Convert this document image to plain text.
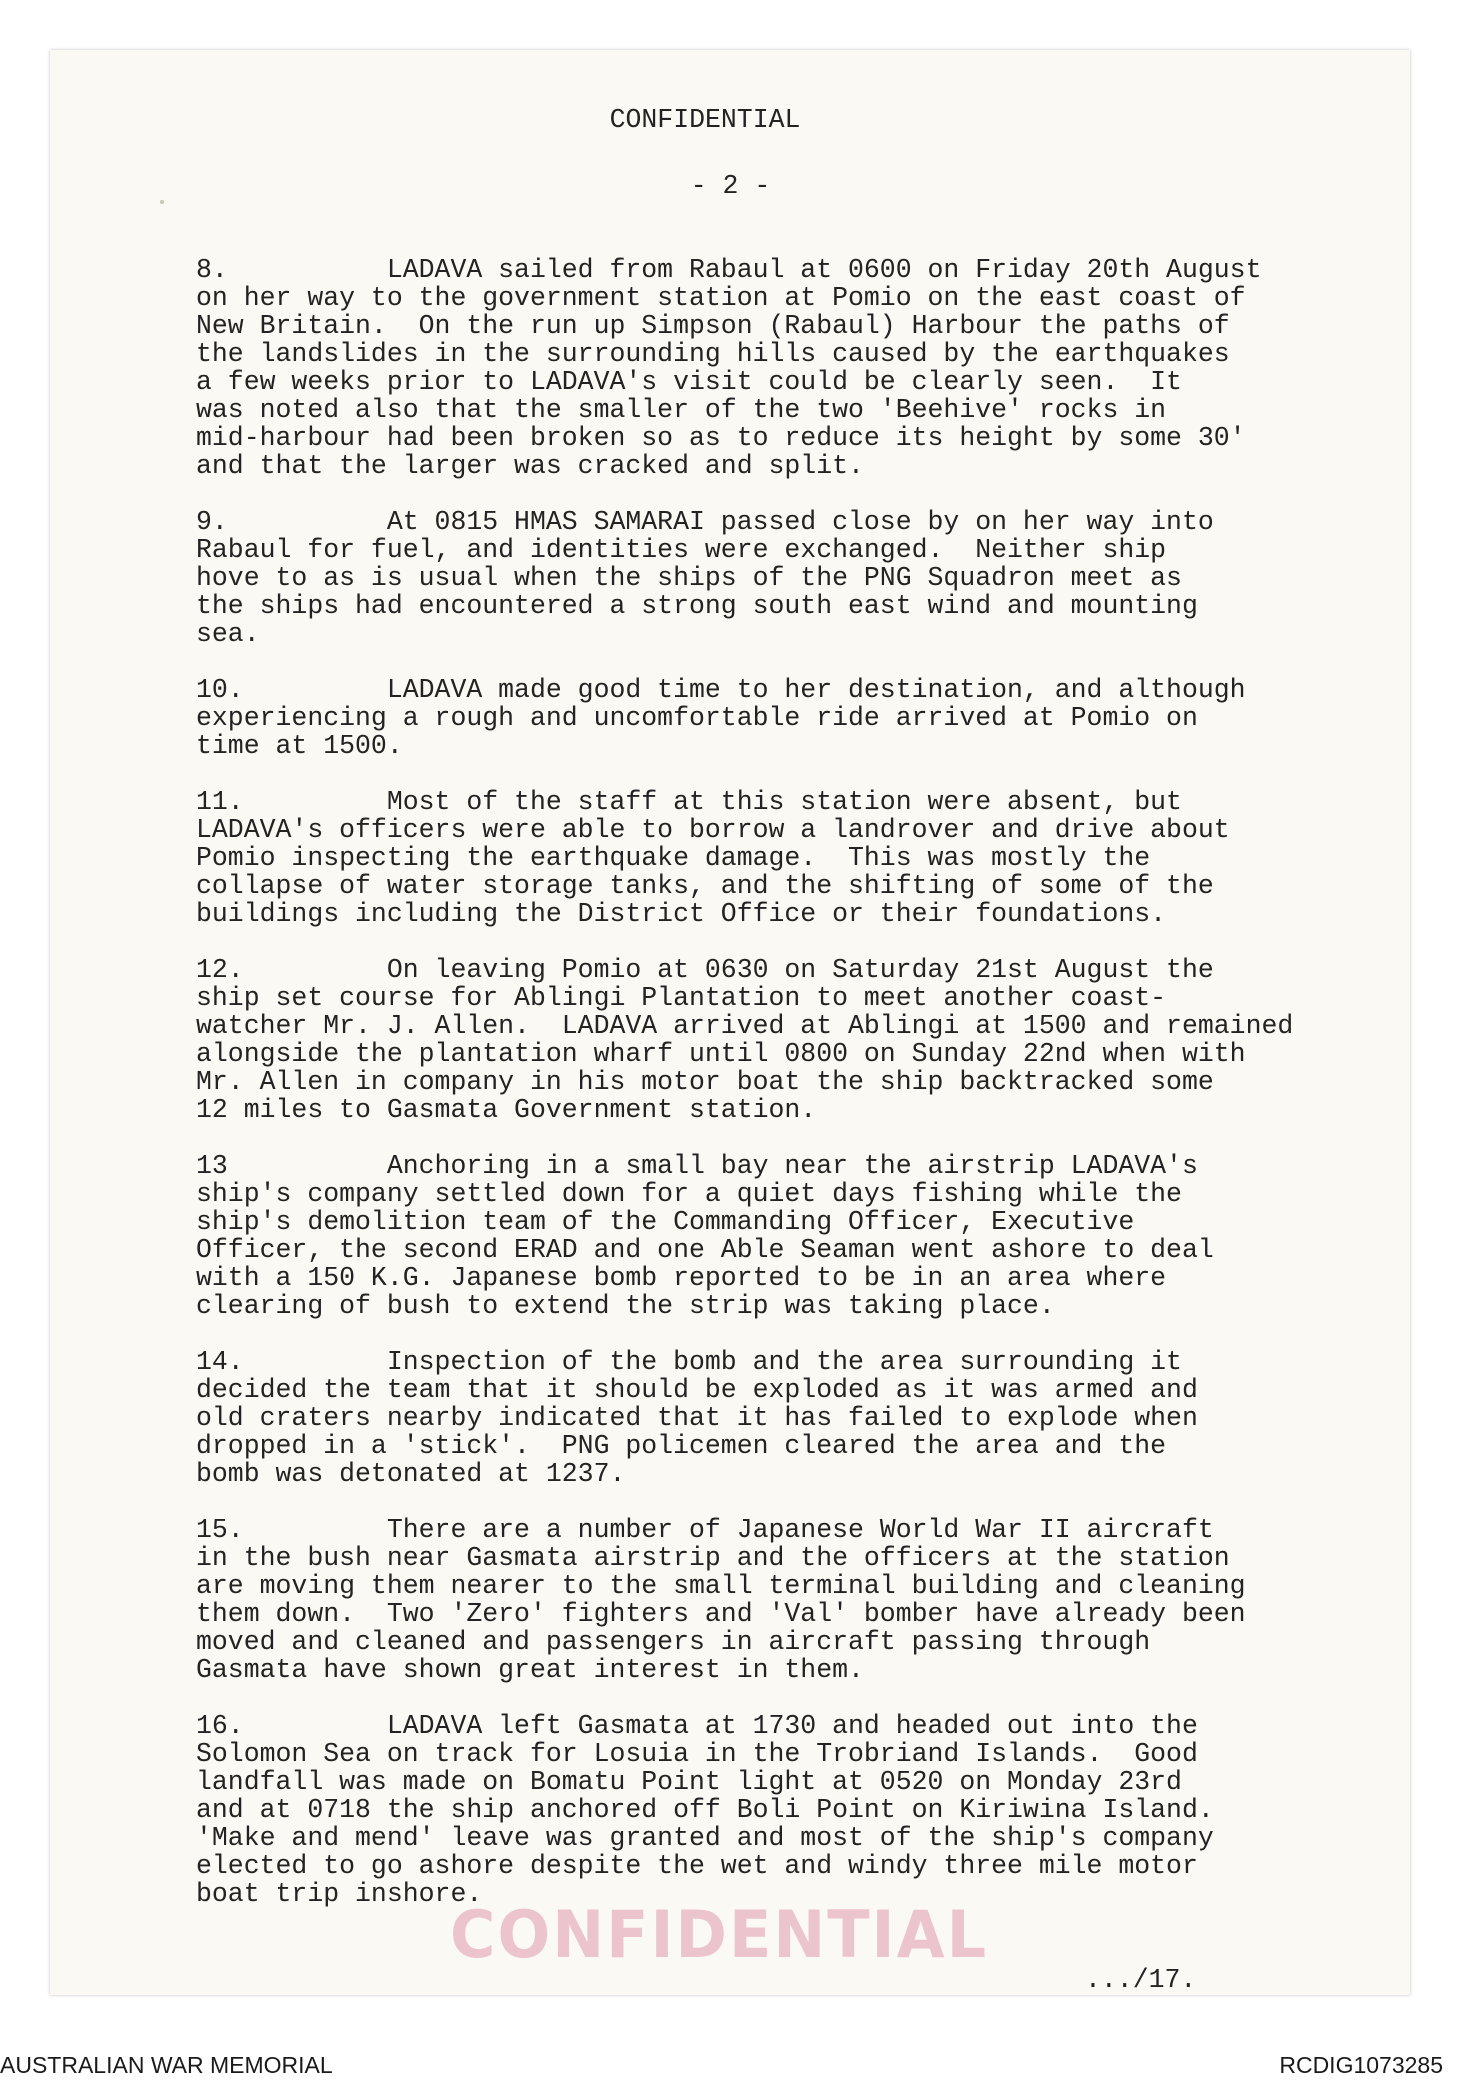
CONFIDENTIAL
- 2 -
8.          LADAVA sailed from Rabaul at 0600 on Friday 20th August
on her way to the government station at Pomio on the east coast of
New Britain.  On the run up Simpson (Rabaul) Harbour the paths of
the landslides in the surrounding hills caused by the earthquakes
a few weeks prior to LADAVA's visit could be clearly seen.  It
was noted also that the smaller of the two 'Beehive' rocks in
mid-harbour had been broken so as to reduce its height by some 30'
and that the larger was cracked and split.
9.          At 0815 HMAS SAMARAI passed close by on her way into
Rabaul for fuel, and identities were exchanged.  Neither ship
hove to as is usual when the ships of the PNG Squadron meet as
the ships had encountered a strong south east wind and mounting
sea.
10.         LADAVA made good time to her destination, and although
experiencing a rough and uncomfortable ride arrived at Pomio on
time at 1500.
11.         Most of the staff at this station were absent, but
LADAVA's officers were able to borrow a landrover and drive about
Pomio inspecting the earthquake damage.  This was mostly the
collapse of water storage tanks, and the shifting of some of the
buildings including the District Office or their foundations.
12.         On leaving Pomio at 0630 on Saturday 21st August the
ship set course for Ablingi Plantation to meet another coast-
watcher Mr. J. Allen.  LADAVA arrived at Ablingi at 1500 and remained
alongside the plantation wharf until 0800 on Sunday 22nd when with
Mr. Allen in company in his motor boat the ship backtracked some
12 miles to Gasmata Government station.
13          Anchoring in a small bay near the airstrip LADAVA's
ship's company settled down for a quiet days fishing while the
ship's demolition team of the Commanding Officer, Executive
Officer, the second ERAD and one Able Seaman went ashore to deal
with a 150 K.G. Japanese bomb reported to be in an area where
clearing of bush to extend the strip was taking place.
14.         Inspection of the bomb and the area surrounding it
decided the team that it should be exploded as it was armed and
old craters nearby indicated that it has failed to explode when
dropped in a 'stick'.  PNG policemen cleared the area and the
bomb was detonated at 1237.
15.         There are a number of Japanese World War II aircraft
in the bush near Gasmata airstrip and the officers at the station
are moving them nearer to the small terminal building and cleaning
them down.  Two 'Zero' fighters and 'Val' bomber have already been
moved and cleaned and passengers in aircraft passing through
Gasmata have shown great interest in them.
16.         LADAVA left Gasmata at 1730 and headed out into the
Solomon Sea on track for Losuia in the Trobriand Islands.  Good
landfall was made on Bomatu Point light at 0520 on Monday 23rd
and at 0718 the ship anchored off Boli Point on Kiriwina Island.
'Make and mend' leave was granted and most of the ship's company
elected to go ashore despite the wet and windy three mile motor
boat trip inshore.
CONFIDENTIAL
.../17.
AUSTRALIAN WAR MEMORIAL	RCDIG1073285
